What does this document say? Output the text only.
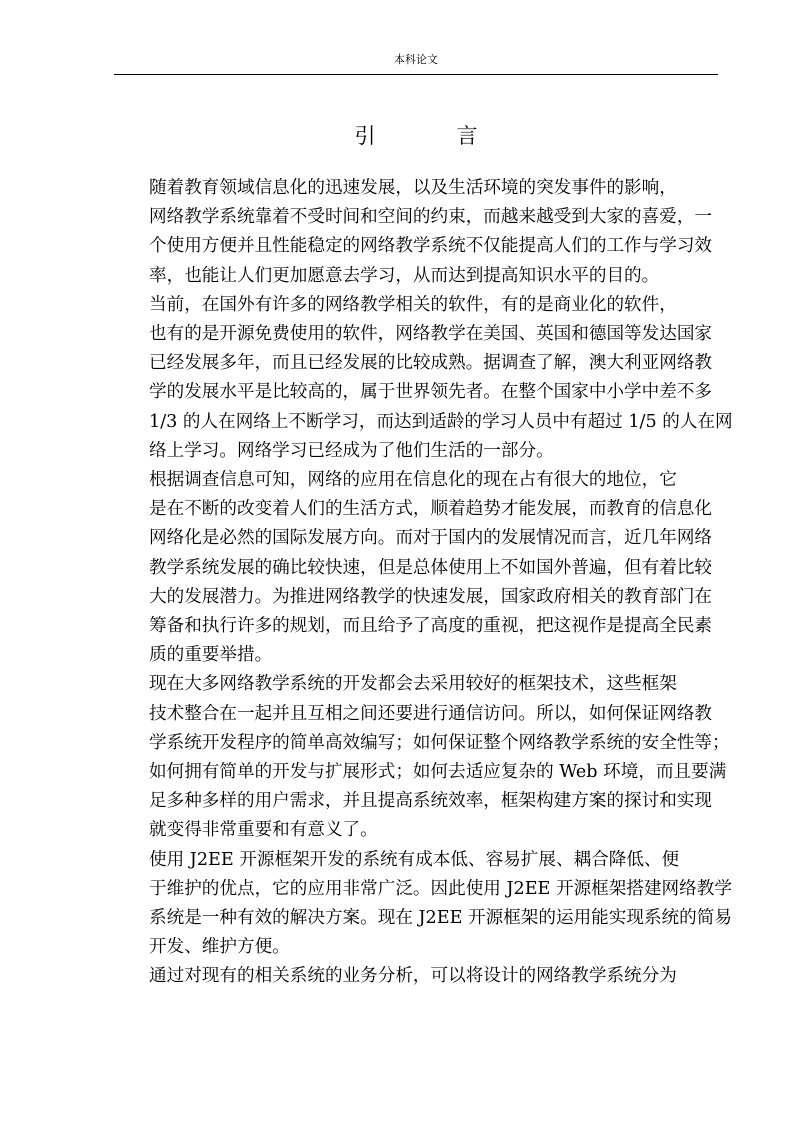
本科论文
引　言

随着教育领域信息化的迅速发展，以及生活环境的突发事件的影响，
网络教学系统靠着不受时间和空间的约束，而越来越受到大家的喜爱，一
个使用方便并且性能稳定的网络教学系统不仅能提高人们的工作与学习效
率，也能让人们更加愿意去学习，从而达到提高知识水平的目的。

当前，在国外有许多的网络教学相关的软件，有的是商业化的软件，
也有的是开源免费使用的软件，网络教学在美国、英国和德国等发达国家
已经发展多年，而且已经发展的比较成熟。据调查了解，澳大利亚网络教
学的发展水平是比较高的，属于世界领先者。在整个国家中小学中差不多
1/3 的人在网络上不断学习，而达到适龄的学习人员中有超过 1/5 的人在网
络上学习。网络学习已经成为了他们生活的一部分。

根据调查信息可知，网络的应用在信息化的现在占有很大的地位，它
是在不断的改变着人们的生活方式，顺着趋势才能发展，而教育的信息化
网络化是必然的国际发展方向。而对于国内的发展情况而言，近几年网络
教学系统发展的确比较快速，但是总体使用上不如国外普遍，但有着比较
大的发展潜力。为推进网络教学的快速发展，国家政府相关的教育部门在
筹备和执行许多的规划，而且给予了高度的重视，把这视作是提高全民素
质的重要举措。

现在大多网络教学系统的开发都会去采用较好的框架技术，这些框架
技术整合在一起并且互相之间还要进行通信访问。所以，如何保证网络教
学系统开发程序的简单高效编写；如何保证整个网络教学系统的安全性等；
如何拥有简单的开发与扩展形式；如何去适应复杂的 Web 环境，而且要满
足多种多样的用户需求，并且提高系统效率，框架构建方案的探讨和实现
就变得非常重要和有意义了。

使用 J2EE 开源框架开发的系统有成本低、容易扩展、耦合降低、便
于维护的优点，它的应用非常广泛。因此使用 J2EE 开源框架搭建网络教学
系统是一种有效的解决方案。现在 J2EE 开源框架的运用能实现系统的简易
开发、维护方便。

通过对现有的相关系统的业务分析，可以将设计的网络教学系统分为
